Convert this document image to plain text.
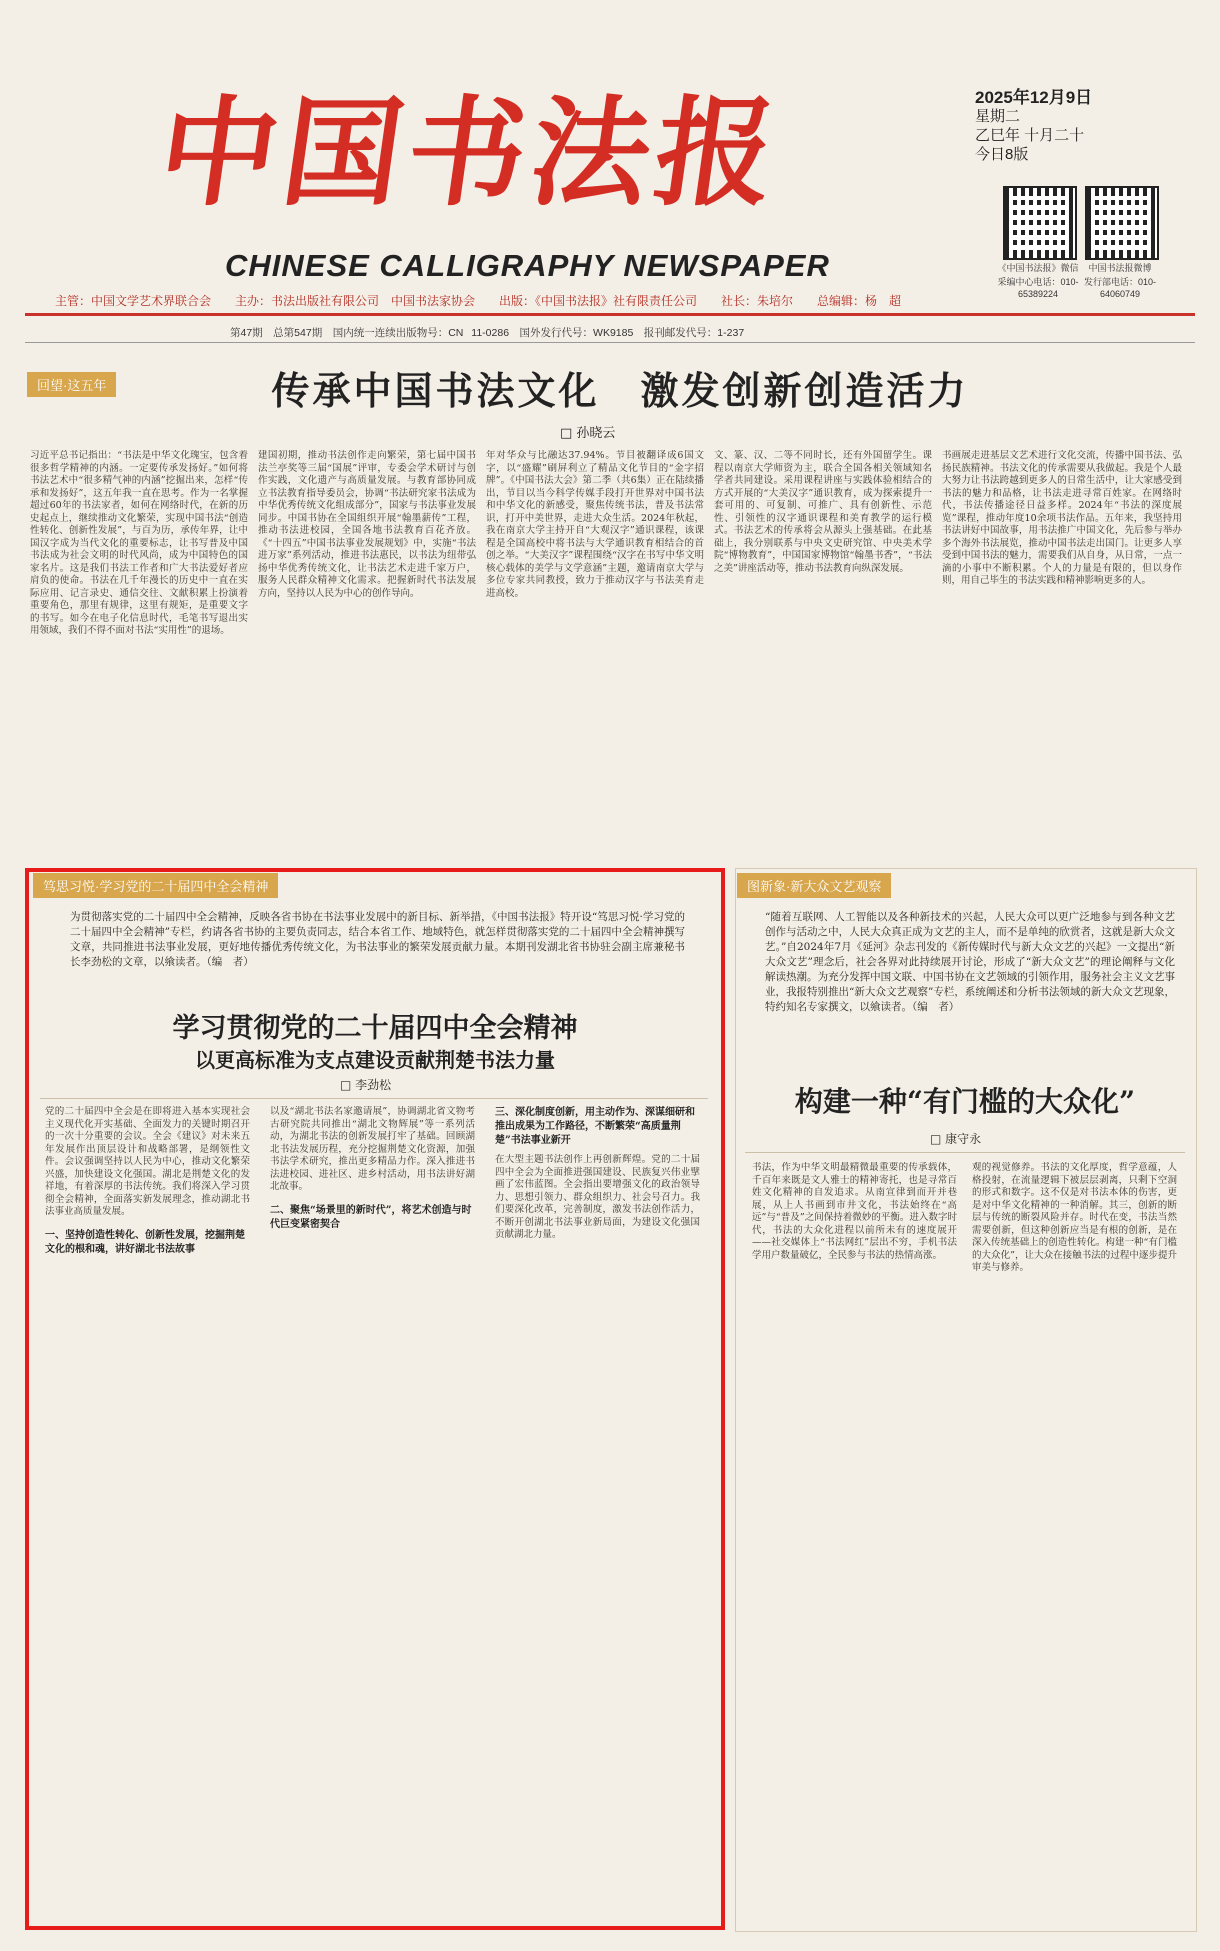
中国书法报
CHINESE CALLIGRAPHY NEWSPAPER
2025年12月9日
星期二
乙巳年 十月二十
今日8版
《中国书法报》微信	中国书法报微博
采编中心电话：010-65389224
发行部电话：010-64060749
主管：中国文学艺术界联合会　　主办：书法出版社有限公司　中国书法家协会　　出版：《中国书法报》社有限责任公司　　社长：朱培尔　　总编辑：杨　超
第47期　总第547期　国内统一连续出版物号：CN 11-0286　国外发行代号：WK9185　报刊邮发代号：1-237
回望·这五年	传承中国书法文化　激发创新创造活力
□ 孙晓云
习近平总书记指出：“书法是中华文化瑰宝，包含着很多哲学精神的内涵。一定要传承发扬好。”如何将书法艺术中“很多精气神的内涵”挖掘出来，怎样“传承和发扬好”，这五年我一直在思考。作为一名掌握超过60年的书法家者，如何在网络时代，在新的历史起点上，继续推动文化繁荣，实现中国书法“创造性转化、创新性发展”，与百为历，承传年界，让中国汉字成为当代文化的重要标志，让书写普及中国书法成为社会文明的时代风尚，成为中国特色的国家名片。这是我们书法工作者和广大书法爱好者应肩负的使命。书法在几千年漫长的历史中一直在实际应用、记言录史、通信交往、文献积累上扮演着重要角色，那里有规律，这里有规矩，是重要文字的书写。如今在电子化信息时代，毛笔书写退出实用领域，我们不得不面对书法“实用性”的退场。
建国初期，推动书法创作走向繁荣，第七届中国书法兰亭奖等三届“国展”评审，专委会学术研讨与创作实践，文化遗产与高质量发展。与教育部协同成立书法教育指导委员会，协调“书法研究家书法成为中华优秀传统文化组成部分”，国家与书法事业发展同步。中国书协在全国组织开展“翰墨薪传”工程，推动书法进校园，全国各地书法教育百花齐放。《“十四五”中国书法事业发展规划》中，实施“书法进万家”系列活动，推进书法惠民，以书法为纽带弘扬中华优秀传统文化，让书法艺术走进千家万户，服务人民群众精神文化需求。把握新时代书法发展方向，坚持以人民为中心的创作导向。
年对华众与比融达37.94%。节目被翻译成6国文字，以“盛耀”刷屏利立了精品文化节目的“金字招牌”。《中国书法大会》第二季（共6集）正在陆续播出，节目以当今科学传媒手段打开世界对中国书法和中华文化的新感受，聚焦传统书法，普及书法常识，打开中美世界，走进大众生活。2024年秋起，我在南京大学主持开自“大观汉字”通识课程，该课程是全国高校中将书法与大学通识教育相结合的首创之举。“大美汉字”课程围绕“汉字在书写中华文明核心载体的美学与文学意涵”主题，邀请南京大学与多位专家共同教授，致力于推动汉字与书法美育走进高校。
文、篆、汉、二等不同时长，还有外国留学生。课程以南京大学师资为主，联合全国各相关领域知名学者共同建设。采用课程讲座与实践体验相结合的方式开展的“大美汉字”通识教育，成为探索提升一套可用的、可复制、可推广、具有创新性、示范性、引领性的汉字通识课程和美育教学的运行模式。书法艺术的传承将会从源头上强基础。在此基础上，我分别联系与中央文史研究馆、中央美术学院“博物教育”，中国国家博物馆“翰墨书香”，“书法之美”讲座活动等，推动书法教育向纵深发展。
书画展走进基层文艺术进行文化交流，传播中国书法、弘扬民族精神。书法文化的传承需要从我做起。我是个人最大努力让书法跨越到更多人的日常生活中，让大家感受到书法的魅力和品格，让书法走进寻常百姓家。在网络时代，书法传播途径日益多样。2024年“书法的深度展览”课程，推动年度10余项书法作品。五年来，我坚持用书法讲好中国故事，用书法推广中国文化，先后参与举办多个海外书法展览，推动中国书法走出国门。让更多人享受到中国书法的魅力，需要我们从自身，从日常，一点一滴的小事中不断积累。个人的力量是有限的，但以身作则，用自己毕生的书法实践和精神影响更多的人。
笃思习悦·学习党的二十届四中全会精神
为贯彻落实党的二十届四中全会精神，反映各省书协在书法事业发展中的新目标、新举措，《中国书法报》特开设“笃思习悦·学习党的二十届四中全会精神”专栏，约请各省书协的主要负责同志，结合本省工作、地域特色，就怎样贯彻落实党的二十届四中全会精神撰写文章，共同推进书法事业发展，更好地传播优秀传统文化，为书法事业的繁荣发展贡献力量。本期刊发湖北省书协驻会副主席兼秘书长李劲松的文章，以飨读者。（编　者）
学习贯彻党的二十届四中全会精神
以更高标准为支点建设贡献荆楚书法力量
□ 李劲松
党的二十届四中全会是在即将进入基本实现社会主义现代化开实基础、全面发力的关键时期召开的一次十分重要的会议。全会《建议》对未来五年发展作出顶层设计和战略部署，是纲领性文件。会议强调坚持以人民为中心，推动文化繁荣兴盛，加快建设文化强国。湖北是荆楚文化的发祥地，有着深厚的书法传统。我们将深入学习贯彻全会精神，全面落实新发展理念，推动湖北书法事业高质量发展。
一、坚持创造性转化、创新性发展，挖掘荆楚文化的根和魂，讲好湖北书法故事
以及“湖北书法名家邀请展”，协调湖北省文物考古研究院共同推出“湖北文物辉展”等一系列活动，为湖北书法的创新发展打牢了基础。回顾湖北书法发展历程，充分挖掘荆楚文化资源，加强书法学术研究，推出更多精品力作。深入推进书法进校园、进社区、进乡村活动，用书法讲好湖北故事。
二、聚焦“场景里的新时代”，将艺术创造与时代巨变紧密契合
三、深化制度创新，用主动作为、深谋细研和推出成果为工作路径，不断繁荣“高质量荆楚”书法事业新开
在大型主题书法创作上再创新辉煌。党的二十届四中全会为全面推进强国建设、民族复兴伟业擘画了宏伟蓝图。全会指出要增强文化的政治领导力、思想引领力、群众组织力、社会号召力。我们要深化改革，完善制度，激发书法创作活力，不断开创湖北书法事业新局面，为建设文化强国贡献湖北力量。
图新象·新大众文艺观察
“随着互联网、人工智能以及各种新技术的兴起，人民大众可以更广泛地参与到各种文艺创作与活动之中，人民大众真正成为文艺的主人，而不是单纯的欣赏者，这就是新大众文艺。”自2024年7月《延河》杂志刊发的《新传媒时代与新大众文艺的兴起》一文提出“新大众文艺”理念后，社会各界对此持续展开讨论，形成了“新大众文艺”的理论阐释与文化解读热潮。为充分发挥中国文联、中国书协在文艺领域的引领作用，服务社会主义文艺事业，我报特别推出“新大众文艺观察”专栏，系统阐述和分析书法领域的新大众文艺现象，特约知名专家撰文，以飨读者。（编　者）
构建一种“有门槛的大众化”
□ 康守永
书法，作为中华文明最精微最重要的传承载体，千百年来既是文人雅士的精神寄托，也是寻常百姓文化精神的自发追求。从南宣律到而开并巷展，从上人书画到市井文化，书法始终在“高远”与“普及”之间保持着微妙的平衡。进入数字时代，书法的大众化进程以前所未有的速度展开——社交媒体上“书法网红”层出不穷，手机书法学用户数量破亿，全民参与书法的热情高涨。
观的视觉修养。书法的文化厚度，哲学意蕴，人格投射，在流量逻辑下被层层剥离，只剩下空洞的形式和数字。这不仅是对书法本体的伤害，更是对中华文化精神的一种消解。其三，创新的断层与传统的断裂风险并存。时代在变，书法当然需要创新，但这种创新应当是有根的创新，是在深入传统基础上的创造性转化。构建一种“有门槛的大众化”，让大众在接触书法的过程中逐步提升审美与修养。
